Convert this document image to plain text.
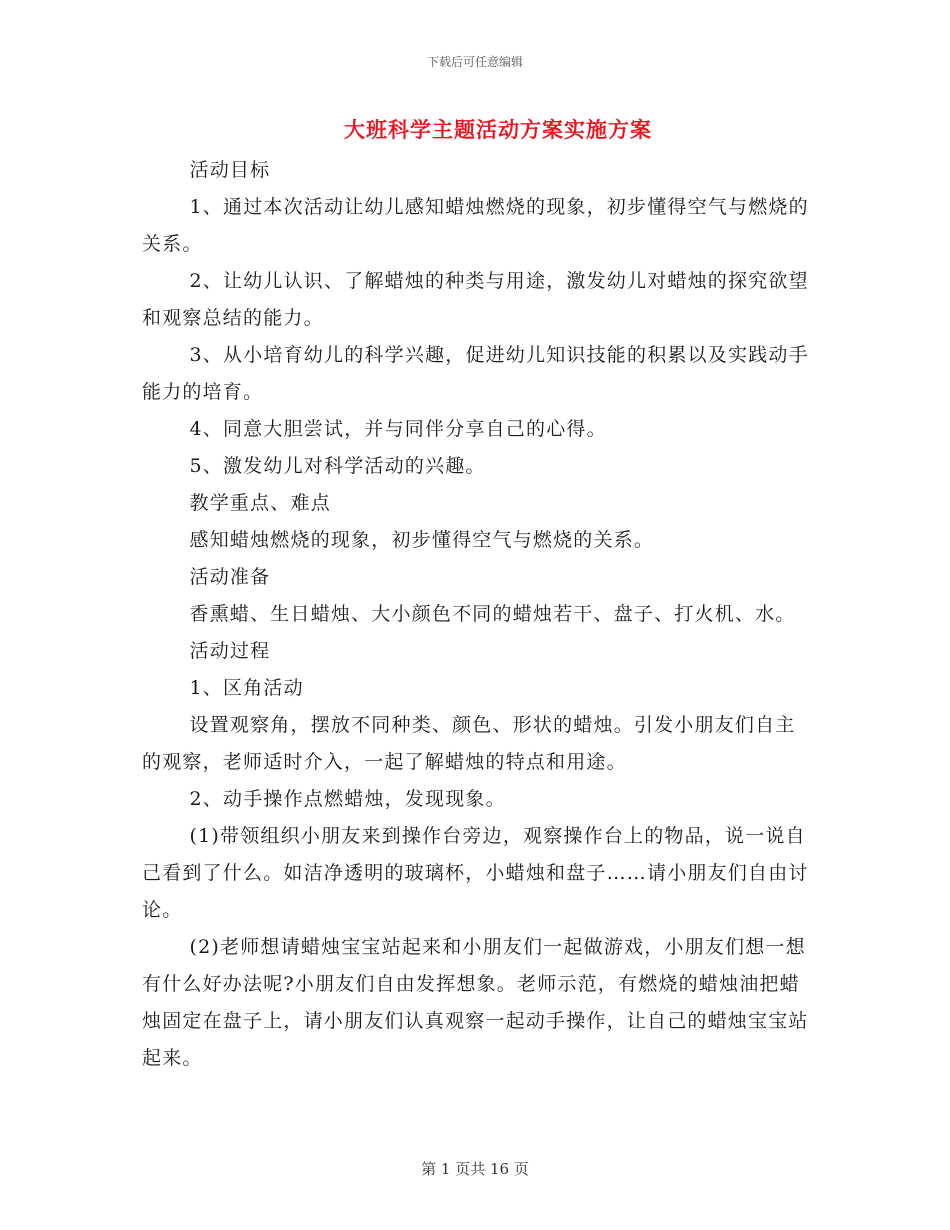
下载后可任意编辑
大班科学主题活动方案实施方案

活动目标

1、通过本次活动让幼儿感知蜡烛燃烧的现象，初步懂得空气与燃烧的关系。

2、让幼儿认识、了解蜡烛的种类与用途，激发幼儿对蜡烛的探究欲望和观察总结的能力。

3、从小培育幼儿的科学兴趣，促进幼儿知识技能的积累以及实践动手能力的培育。

4、同意大胆尝试，并与同伴分享自己的心得。

5、激发幼儿对科学活动的兴趣。

教学重点、难点

感知蜡烛燃烧的现象，初步懂得空气与燃烧的关系。

活动准备

香熏蜡、生日蜡烛、大小颜色不同的蜡烛若干、盘子、打火机、水。

活动过程

1、区角活动

设置观察角，摆放不同种类、颜色、形状的蜡烛。引发小朋友们自主的观察，老师适时介入，一起了解蜡烛的特点和用途。

2、动手操作点燃蜡烛，发现现象。

(1)带领组织小朋友来到操作台旁边，观察操作台上的物品，说一说自己看到了什么。如洁净透明的玻璃杯，小蜡烛和盘子……请小朋友们自由讨论。

(2)老师想请蜡烛宝宝站起来和小朋友们一起做游戏，小朋友们想一想有什么好办法呢?小朋友们自由发挥想象。老师示范，有燃烧的蜡烛油把蜡烛固定在盘子上，请小朋友们认真观察一起动手操作，让自己的蜡烛宝宝站起来。

第 1 页共 16 页
